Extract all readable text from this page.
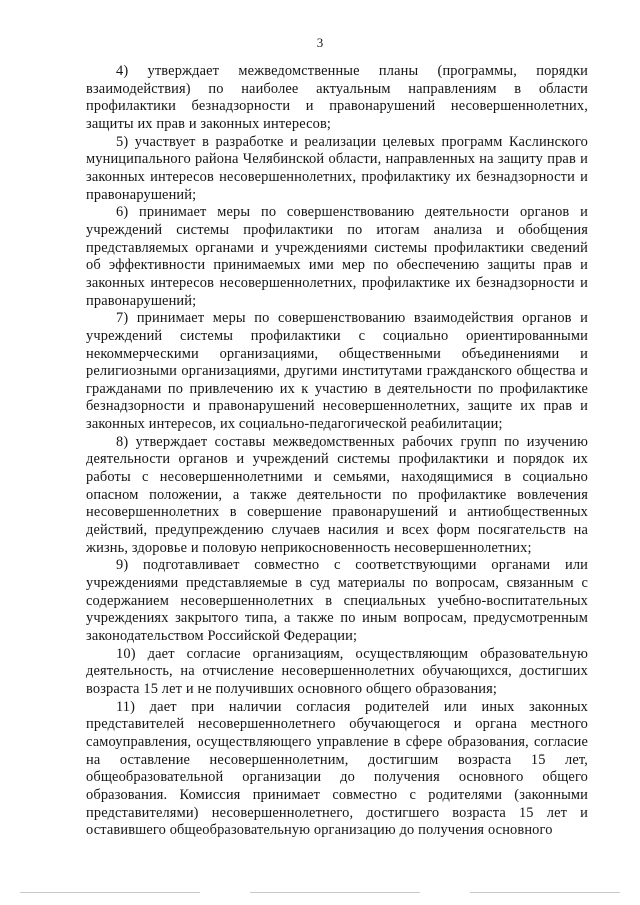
3

4) утверждает межведомственные планы (программы, порядки взаимодействия) по наиболее актуальным направлениям в области профилактики безнадзорности и правонарушений несовершеннолетних, защиты их прав и законных интересов;

5) участвует в разработке и реализации целевых программ Каслинского муниципального района Челябинской области, направленных на защиту прав и законных интересов несовершеннолетних, профилактику их безнадзорности и правонарушений;

6) принимает меры по совершенствованию деятельности органов и учреждений системы профилактики по итогам анализа и обобщения представляемых органами и учреждениями системы профилактики сведений об эффективности принимаемых ими мер по обеспечению защиты прав и законных интересов несовершеннолетних, профилактике их безнадзорности и правонарушений;

7) принимает меры по совершенствованию взаимодействия органов и учреждений системы профилактики с социально ориентированными некоммерческими организациями, общественными объединениями и религиозными организациями, другими институтами гражданского общества и гражданами по привлечению их к участию в деятельности по профилактике безнадзорности и правонарушений несовершеннолетних, защите их прав и законных интересов, их социально-педагогической реабилитации;

8) утверждает составы межведомственных рабочих групп по изучению деятельности органов и учреждений системы профилактики и порядок их работы с несовершеннолетними и семьями, находящимися в социально опасном положении, а также деятельности по профилактике вовлечения несовершеннолетних в совершение правонарушений и антиобщественных действий, предупреждению случаев насилия и всех форм посягательств на жизнь, здоровье и половую неприкосновенность несовершеннолетних;

9) подготавливает совместно с соответствующими органами или учреждениями представляемые в суд материалы по вопросам, связанным с содержанием несовершеннолетних в специальных учебно-воспитательных учреждениях закрытого типа, а также по иным вопросам, предусмотренным законодательством Российской Федерации;

10) дает согласие организациям, осуществляющим образовательную деятельность, на отчисление несовершеннолетних обучающихся, достигших возраста 15 лет и не получивших основного общего образования;

11) дает при наличии согласия родителей или иных законных представителей несовершеннолетнего обучающегося и органа местного самоуправления, осуществляющего управление в сфере образования, согласие на оставление несовершеннолетним, достигшим возраста 15 лет, общеобразовательной организации до получения основного общего образования. Комиссия принимает совместно с родителями (законными представителями) несовершеннолетнего, достигшего возраста 15 лет и оставившего общеобразовательную организацию до получения основного
